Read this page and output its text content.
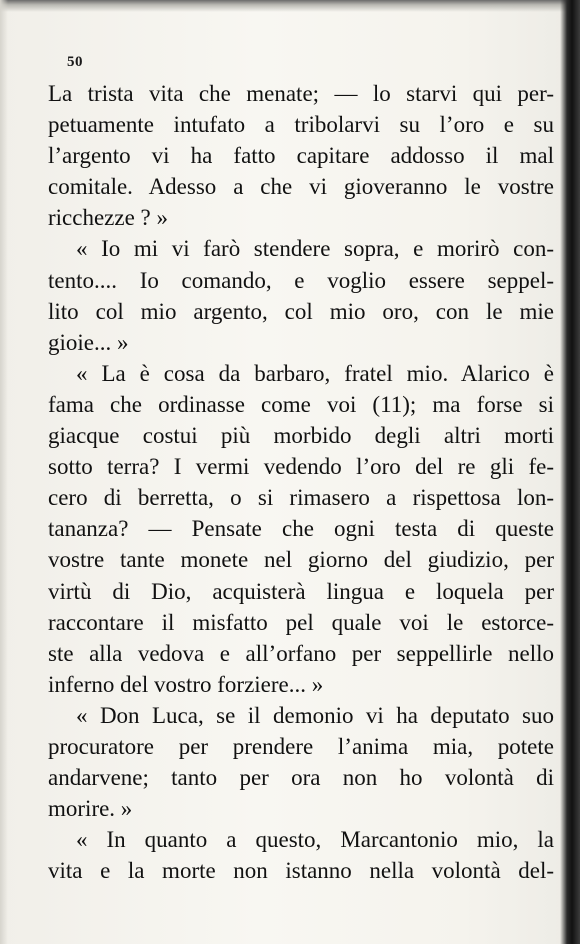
50
La trista vita che menate; — lo starvi qui per-
petuamente intufato a tribolarvi su l’oro e su
l’argento vi ha fatto capitare addosso il mal
comitale. Adesso a che vi gioveranno le vostre
ricchezze ? »
« Io mi vi farò stendere sopra, e morirò con-
tento.... Io comando, e voglio essere seppel-
lito col mio argento, col mio oro, con le mie
gioie... »
« La è cosa da barbaro, fratel mio. Alarico è
fama che ordinasse come voi (11); ma forse si
giacque costui più morbido degli altri morti
sotto terra? I vermi vedendo l’oro del re gli fe-
cero di berretta, o si rimasero a rispettosa lon-
tananza? — Pensate che ogni testa di queste
vostre tante monete nel giorno del giudizio, per
virtù di Dio, acquisterà lingua e loquela per
raccontare il misfatto pel quale voi le estorce-
ste alla vedova e all’orfano per seppellirle nello
inferno del vostro forziere... »
« Don Luca, se il demonio vi ha deputato suo
procuratore per prendere l’anima mia, potete
andarvene; tanto per ora non ho volontà di
morire. »
« In quanto a questo, Marcantonio mio, la
vita e la morte non istanno nella volontà del-
